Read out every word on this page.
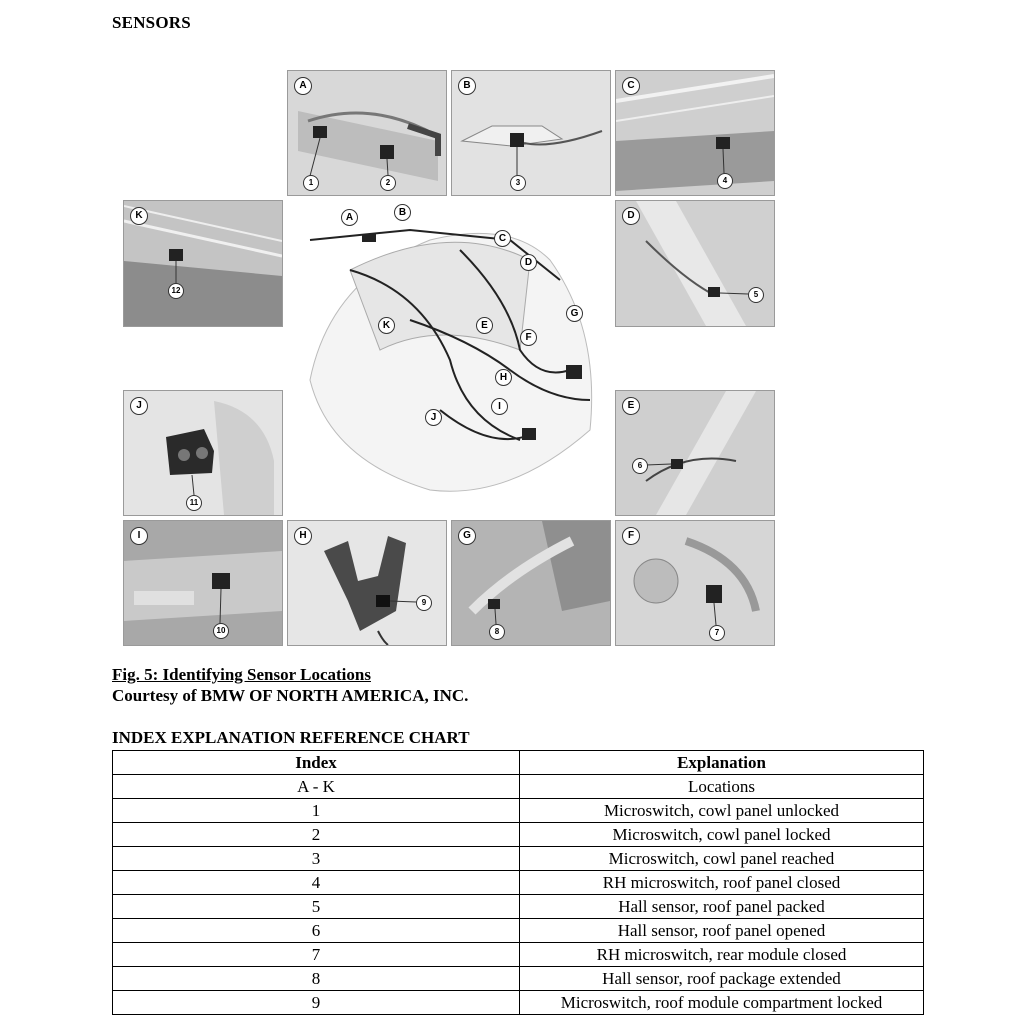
SENSORS
A
1	2
B
3
C
4
K
12
D
5
A	B
C
D
G
K	E
F
H
I
J
J
11
E
6
I
10
H
9
G
8
F
7
Fig. 5: Identifying Sensor Locations
Courtesy of BMW OF NORTH AMERICA, INC.
INDEX EXPLANATION REFERENCE CHART
Index	Explanation
A - K	Locations
1	Microswitch, cowl panel unlocked
2	Microswitch, cowl panel locked
3	Microswitch, cowl panel reached
4	RH microswitch, roof panel closed
5	Hall sensor, roof panel packed
6	Hall sensor, roof panel opened
7	RH microswitch, rear module closed
8	Hall sensor, roof package extended
9	Microswitch, roof module compartment locked
